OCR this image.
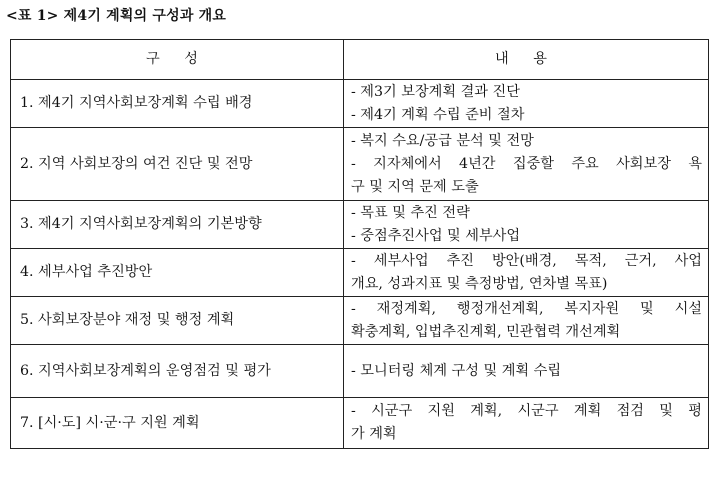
<표 1> 제4기 계획의 구성과 개요
구 성	내 용
1. 제4기 지역사회보장계획 수립 배경	- 제3기 보장계획 결과 진단
- 제4기 계획 수립 준비 절차

2. 지역 사회보장의 여건 진단 및 전망	- 복지 수요/공급 분석 및 전망
- 지자체에서 4년간 집중할 주요 사회보장 욕
구 및 지역 문제 도출

3. 제4기 지역사회보장계획의 기본방향	- 목표 및 추진 전략
- 중점추진사업 및 세부사업

4. 세부사업 추진방안	- 세부사업 추진 방안(배경, 목적, 근거, 사업
개요, 성과지표 및 측정방법, 연차별 목표)

5. 사회보장분야 재정 및 행정 계획	- 재정계획, 행정개선계획, 복지자원 및 시설
확충계획, 입법추진계획, 민관협력 개선계획

6. 지역사회보장계획의 운영점검 및 평가	- 모니터링 체계 구성 및 계획 수립

7. [시·도] 시·군·구 지원 계획	- 시군구 지원 계획, 시군구 계획 점검 및 평
가 계획
